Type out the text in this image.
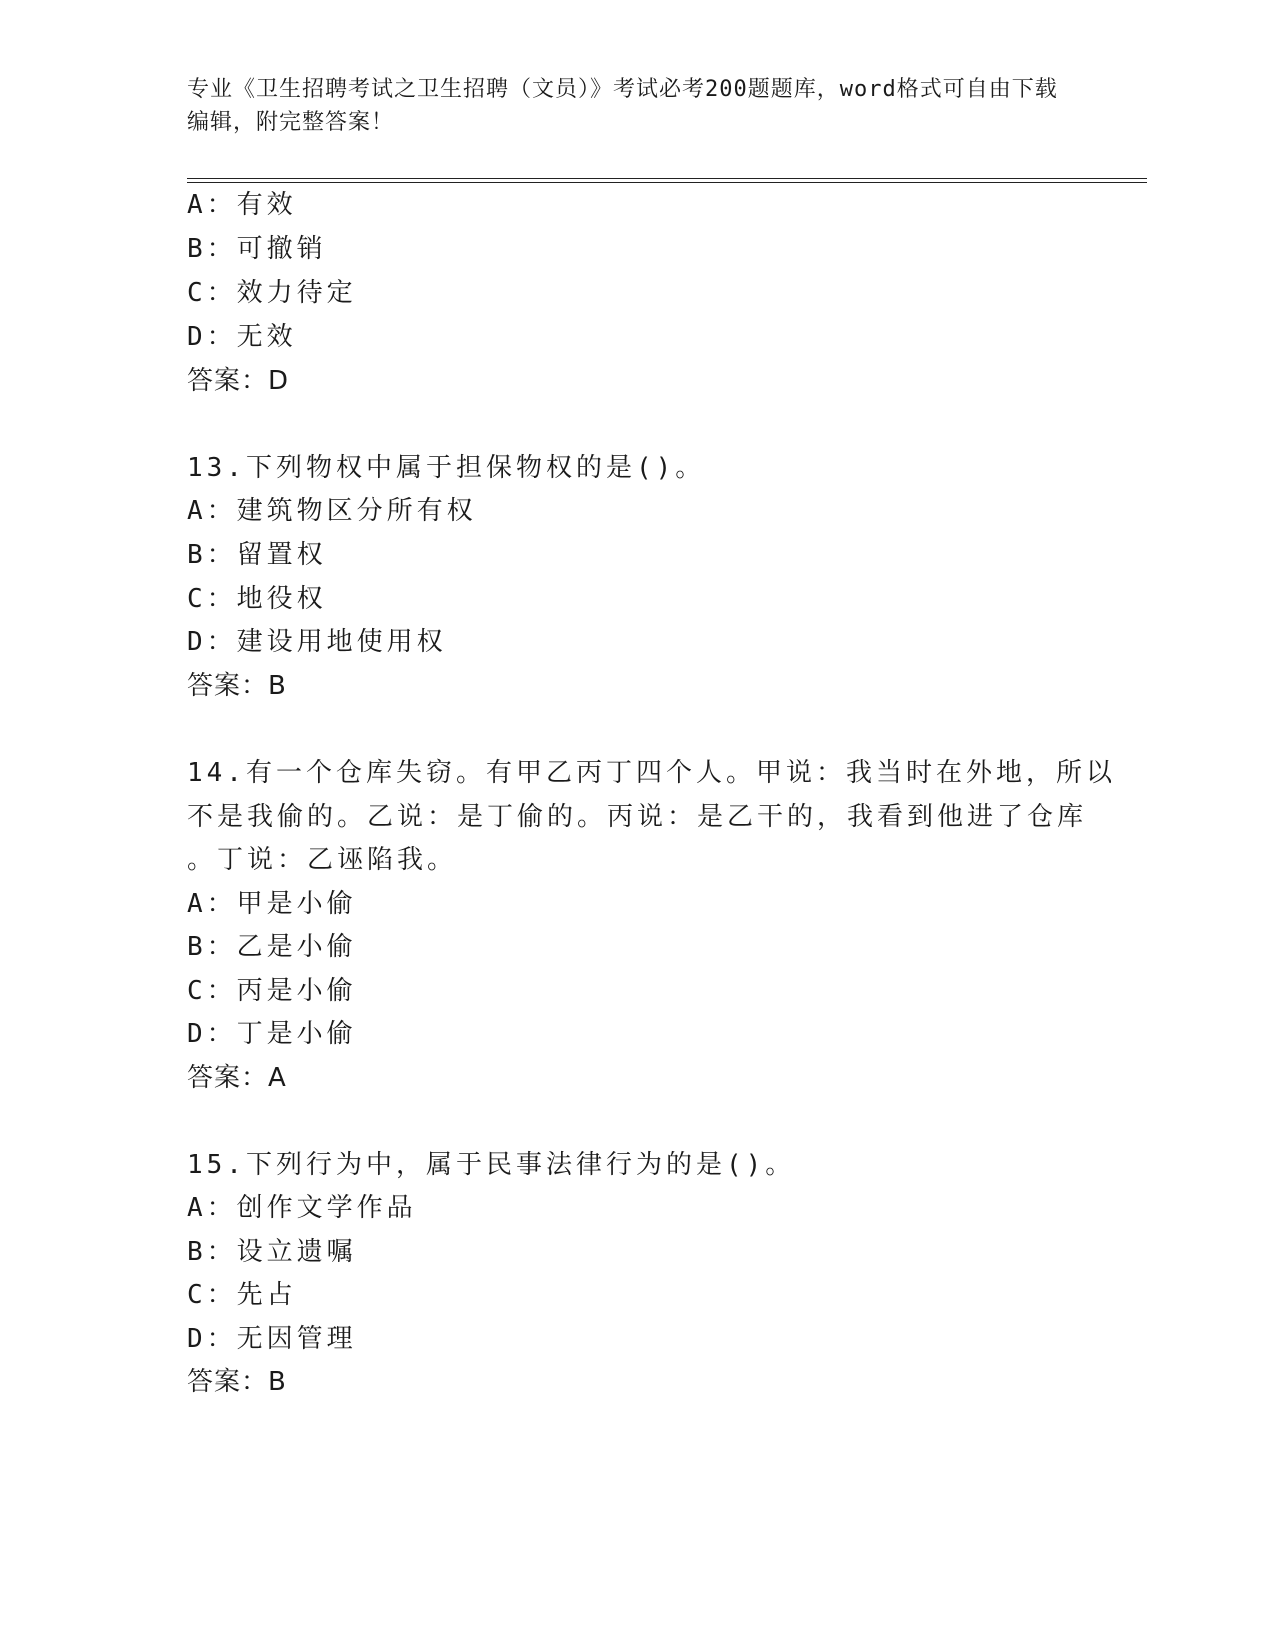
专业《卫生招聘考试之卫生招聘（文员）》考试必考200题题库，word格式可自由下载编辑，附完整答案！
A：有效
B：可撤销
C：效力待定
D：无效
答案：D
13.下列物权中属于担保物权的是()。
A：建筑物区分所有权
B：留置权
C：地役权
D：建设用地使用权
答案：B
14.有一个仓库失窃。有甲乙丙丁四个人。甲说：我当时在外地，所以
不是我偷的。乙说：是丁偷的。丙说：是乙干的，我看到他进了仓库
。丁说：乙诬陷我。
A：甲是小偷
B：乙是小偷
C：丙是小偷
D：丁是小偷
答案：A
15.下列行为中，属于民事法律行为的是()。
A：创作文学作品
B：设立遗嘱
C：先占
D：无因管理
答案：B
